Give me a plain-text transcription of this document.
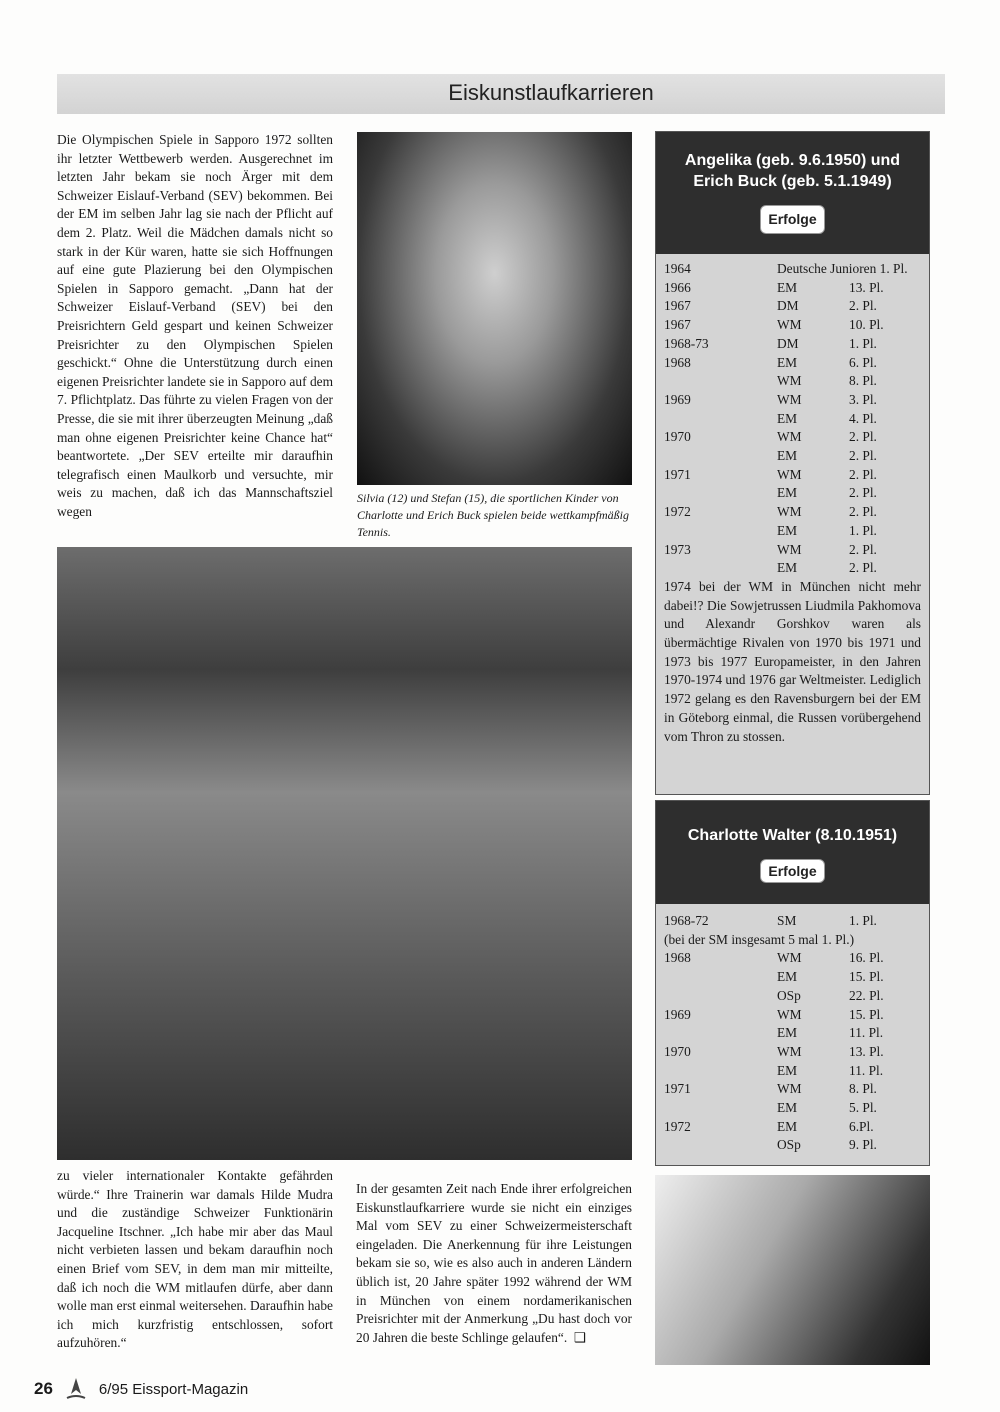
Eiskunstlaufkarrieren

Die Olympischen Spiele in Sapporo 1972 sollten ihr letzter Wettbewerb werden. Ausgerechnet im letzten Jahr bekam sie noch Ärger mit dem Schweizer Eislauf-Verband (SEV) bekommen. Bei der EM im selben Jahr lag sie nach der Pflicht auf dem 2. Platz. Weil die Mädchen damals nicht so stark in der Kür waren, hatte sie sich Hoffnungen auf eine gute Plazierung bei den Olympischen Spielen in Sapporo gemacht. „Dann hat der Schweizer Eislauf-Verband (SEV) bei den Preisrichtern Geld gespart und keinen Schweizer Preisrichter zu den Olympischen Spielen geschickt.“ Ohne die Unterstützung durch einen eigenen Preisrichter landete sie in Sapporo auf dem 7. Pflichtplatz. Das führte zu vielen Fragen von der Presse, die sie mit ihrer überzeugten Meinung „daß man ohne eigenen Preisrichter keine Chance hat“ beantwortete. „Der SEV erteilte mir daraufhin telegrafisch einen Maulkorb und versuchte, mir weis zu machen, daß ich das Mannschaftsziel wegen

Silvia (12) und Stefan (15), die sportlichen Kinder von Charlotte und Erich Buck spielen beide wettkampfmäßig Tennis.

zu vieler internationaler Kontakte gefährden würde.“ Ihre Trainerin war damals Hilde Mudra und die zuständige Schweizer Funktionärin Jacqueline Itschner. „Ich habe mir aber das Maul nicht verbieten lassen und bekam daraufhin noch einen Brief vom SEV, in dem man mir mitteilte, daß ich noch die WM mitlaufen dürfe, aber dann wolle man erst einmal weitersehen. Daraufhin habe ich mich kurzfristig entschlossen, sofort aufzuhören.“

In der gesamten Zeit nach Ende ihrer erfolgreichen Eiskunstlaufkarriere wurde sie nicht ein einziges Mal vom SEV zu einer Schweizermeisterschaft eingeladen. Die Anerkennung für ihre Leistungen bekam sie so, wie es also auch in anderen Ländern üblich ist, 20 Jahre später 1992 während der WM in München von einem nordamerikanischen Preisrichter mit der Anmerkung „Du hast doch vor 20 Jahren die beste Schlinge gelaufen“. ❑

Angelika (geb. 9.6.1950) und
Erich Buck (geb. 5.1.1949)
Erfolge
1964	Deutsche Junioren 1. Pl.
1966	EM	13. Pl.
1967	DM	2. Pl.
1967	WM	10. Pl.
1968-73	DM	1. Pl.
1968	EM	6. Pl.
WM	8. Pl.
1969	WM	3. Pl.
EM	4. Pl.
1970	WM	2. Pl.
EM	2. Pl.
1971	WM	2. Pl.
EM	2. Pl.
1972	WM	2. Pl.
EM	1. Pl.
1973	WM	2. Pl.
EM	2. Pl.
1974 bei der WM in München nicht mehr dabei!? Die Sowjetrussen Liudmila Pakhomova und Alexandr Gorshkov waren als übermächtige Rivalen von 1970 bis 1971 und 1973 bis 1977 Europameister, in den Jahren 1970-1974 und 1976 gar Weltmeister. Lediglich 1972 gelang es den Ravensburgern bei der EM in Göteborg einmal, die Russen vorübergehend vom Thron zu stossen.
Charlotte Walter (8.10.1951)
Erfolge
1968-72	SM	1. Pl.
(bei der SM insgesamt 5 mal 1. Pl.)
1968	WM	16. Pl.
EM	15. Pl.
OSp	22. Pl.
1969	WM	15. Pl.
EM	11. Pl.
1970	WM	13. Pl.
EM	11. Pl.
1971	WM	8. Pl.
EM	5. Pl.
1972	EM	6.Pl.
OSp	9. Pl.
26	6/95 Eissport-Magazin
